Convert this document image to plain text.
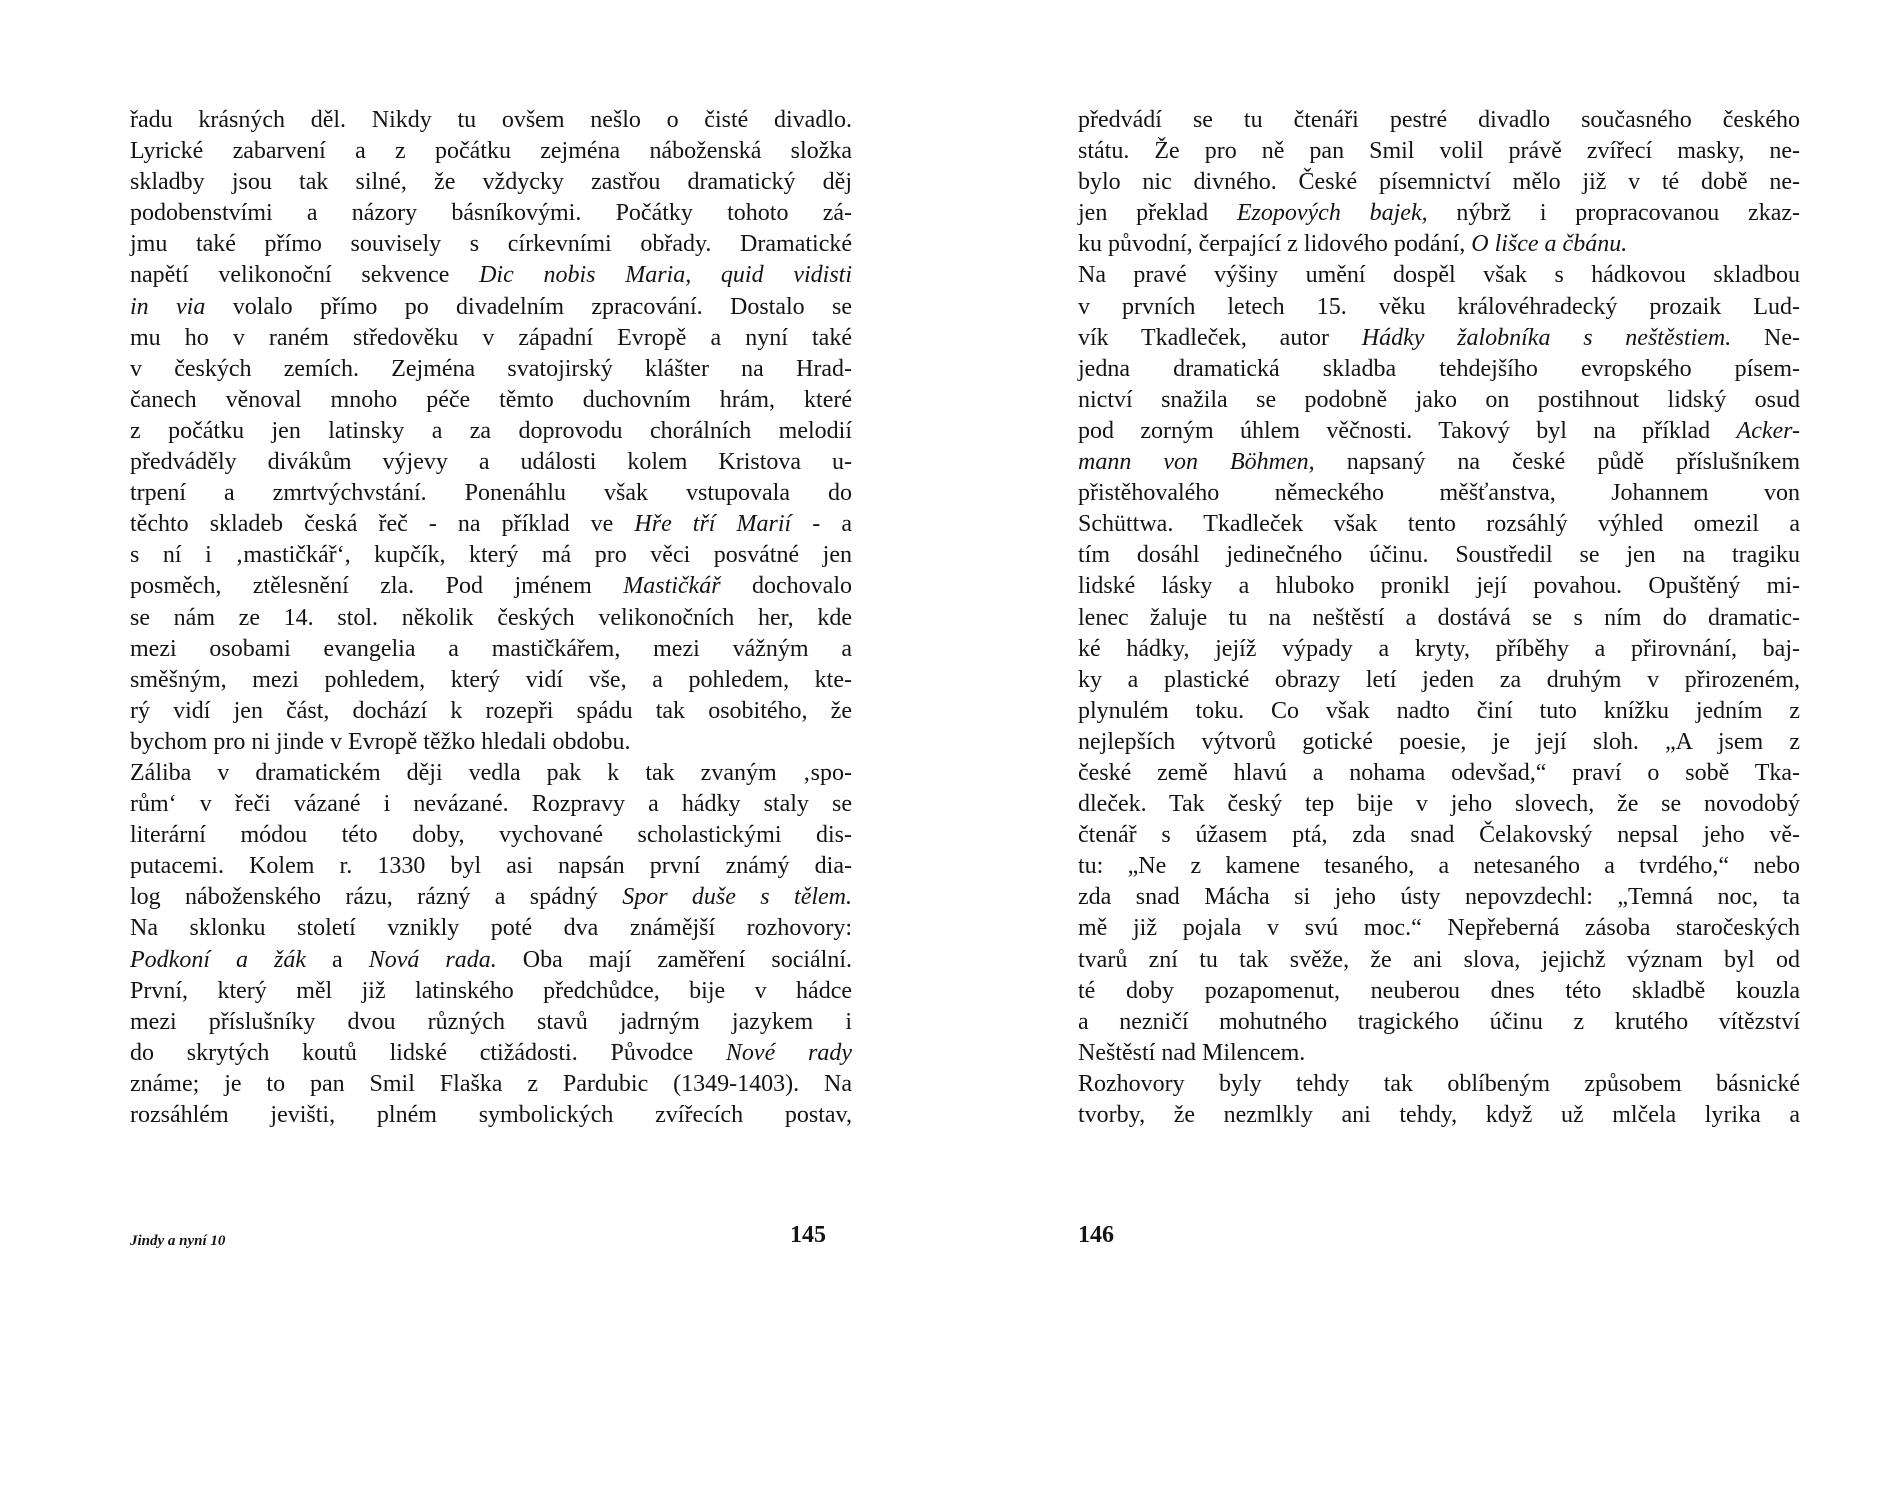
řadu krásných děl. Nikdy tu ovšem nešlo o čisté divadlo.
Lyrické zabarvení a z počátku zejména náboženská složka
skladby jsou tak silné, že vždycky zastřou dramatický děj
podobenstvími a názory básníkovými. Počátky tohoto zá-
jmu také přímo souvisely s církevními obřady. Dramatické
napětí velikonoční sekvence Dic nobis Maria, quid vidisti
in via volalo přímo po divadelním zpracování. Dostalo se
mu ho v raném středověku v západní Evropě a nyní také
v českých zemích. Zejména svatojirský klášter na Hrad-
čanech věnoval mnoho péče těmto duchovním hrám, které
z počátku jen latinsky a za doprovodu chorálních melodií
předváděly divákům výjevy a události kolem Kristova u-
trpení a zmrtvýchvstání. Ponenáhlu však vstupovala do
těchto skladeb česká řeč - na příklad ve Hře tří Marií - a
s ní i ‚mastičkář‘, kupčík, který má pro věci posvátné jen
posměch, ztělesnění zla. Pod jménem Mastičkář dochovalo
se nám ze 14. stol. několik českých velikonočních her, kde
mezi osobami evangelia a mastičkářem, mezi vážným a
směšným, mezi pohledem, který vidí vše, a pohledem, kte-
rý vidí jen část, dochází k rozepři spádu tak osobitého, že
bychom pro ni jinde v Evropě těžko hledali obdobu.
Záliba v dramatickém ději vedla pak k tak zvaným ‚spo-
rům‘ v řeči vázané i nevázané. Rozpravy a hádky staly se
literární módou této doby, vychované scholastickými dis-
putacemi. Kolem r. 1330 byl asi napsán první známý dia-
log náboženského rázu, rázný a spádný Spor duše s tělem.
Na sklonku století vznikly poté dva známější rozhovory:
Podkoní a žák a Nová rada. Oba mají zaměření sociální.
První, který měl již latinského předchůdce, bije v hádce
mezi příslušníky dvou různých stavů jadrným jazykem i
do skrytých koutů lidské ctižádosti. Původce Nové rady
známe; je to pan Smil Flaška z Pardubic (1349-1403). Na
rozsáhlém jevišti, plném symbolických zvířecích postav,
předvádí se tu čtenáři pestré divadlo současného českého
státu. Že pro ně pan Smil volil právě zvířecí masky, ne-
bylo nic divného. České písemnictví mělo již v té době ne-
jen překlad Ezopových bajek, nýbrž i propracovanou zkaz-
ku původní, čerpající z lidového podání, O lišce a čbánu.
Na pravé výšiny umění dospěl však s hádkovou skladbou
v prvních letech 15. věku královéhradecký prozaik Lud-
vík Tkadleček, autor Hádky žalobníka s neštěstiem. Ne-
jedna dramatická skladba tehdejšího evropského písem-
nictví snažila se podobně jako on postihnout lidský osud
pod zorným úhlem věčnosti. Takový byl na příklad Acker-
mann von Böhmen, napsaný na české půdě příslušníkem
přistěhovalého německého měšťanstva, Johannem von
Schüttwa. Tkadleček však tento rozsáhlý výhled omezil a
tím dosáhl jedinečného účinu. Soustředil se jen na tragiku
lidské lásky a hluboko pronikl její povahou. Opuštěný mi-
lenec žaluje tu na neštěstí a dostává se s ním do dramatic-
ké hádky, jejíž výpady a kryty, příběhy a přirovnání, baj-
ky a plastické obrazy letí jeden za druhým v přirozeném,
plynulém toku. Co však nadto činí tuto knížku jedním z
nejlepších výtvorů gotické poesie, je její sloh. „A jsem z
české země hlavú a nohama odevšad,“ praví o sobě Tka-
dleček. Tak český tep bije v jeho slovech, že se novodobý
čtenář s úžasem ptá, zda snad Čelakovský nepsal jeho vě-
tu: „Ne z kamene tesaného, a netesaného a tvrdého,“ nebo
zda snad Mácha si jeho ústy nepovzdechl: „Temná noc, ta
mě již pojala v svú moc.“ Nepřeberná zásoba staročeských
tvarů zní tu tak svěže, že ani slova, jejichž význam byl od
té doby pozapomenut, neuberou dnes této skladbě kouzla
a nezničí mohutného tragického účinu z krutého vítězství
Neštěstí nad Milencem.
Rozhovory byly tehdy tak oblíbeným způsobem básnické
tvorby, že nezmlkly ani tehdy, když už mlčela lyrika a
Jindy a nyní 10	145	146
